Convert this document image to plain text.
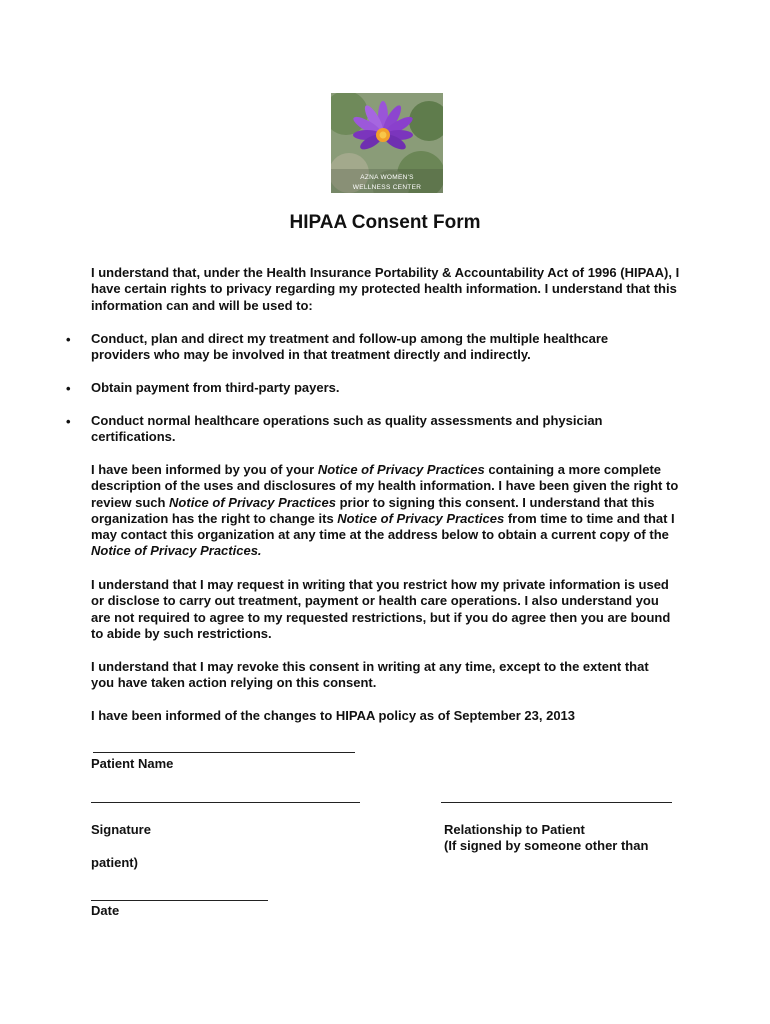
AZNA WOMEN'S
WELLNESS CENTER
HIPAA Consent Form

I understand that, under the Health Insurance Portability & Accountability Act of 1996 (HIPAA), I have certain rights to privacy regarding my protected health information. I understand that this information can and will be used to:

• Conduct, plan and direct my treatment and follow-up among the multiple healthcare providers who may be involved in that treatment directly and indirectly.

• Obtain payment from third-party payers.

• Conduct normal healthcare operations such as quality assessments and physician certifications.

I have been informed by you of your Notice of Privacy Practices containing a more complete description of the uses and disclosures of my health information. I have been given the right to review such Notice of Privacy Practices prior to signing this consent. I understand that this organization has the right to change its Notice of Privacy Practices from time to time and that I may contact this organization at any time at the address below to obtain a current copy of the Notice of Privacy Practices.

I understand that I may request in writing that you restrict how my private information is used or disclose to carry out treatment, payment or health care operations. I also understand you are not required to agree to my requested restrictions, but if you do agree then you are bound to abide by such restrictions.

I understand that I may revoke this consent in writing at any time, except to the extent that you have taken action relying on this consent.

I have been informed of the changes to HIPAA policy as of September 23, 2013

Patient Name
Signature	Relationship to Patient
(If signed by someone other than
patient)
Date
